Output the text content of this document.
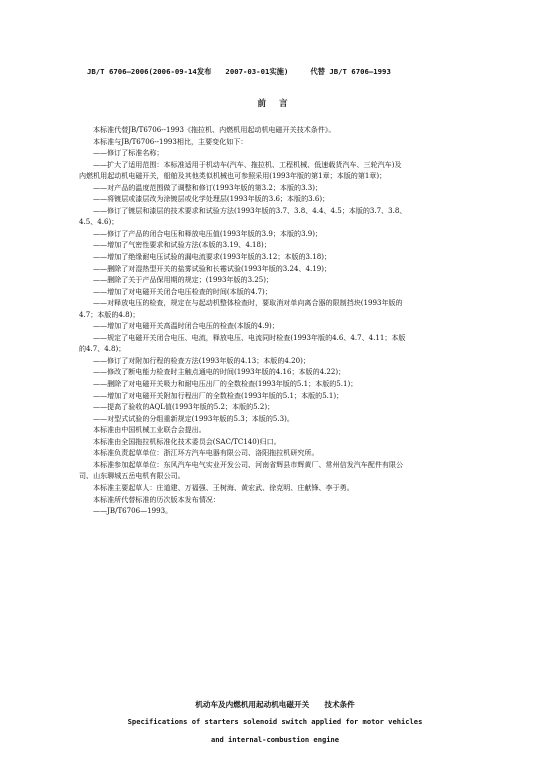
JB/T 6706—2006(2006-09-14发布 2007-03-01实施)	代替 JB/T 6706—1993
前 言
本标准代替JB/T6706--1993《拖拉机、内燃机用起动机电磁开关技术条件》。
本标准与JB/T6706--1993相比，主要变化如下：
——修订了标准名称；
——扩大了适用范围：本标准适用于机动车(汽车、拖拉机、工程机械、低速载货汽车、三轮汽车)及
内燃机用起动机电磁开关，船舶及其他类似机械也可参照采用(1993年版的第1章；本版的第1章)；
——对产品的温度范围做了调整和修订(1993年版的第3.2；本版的3.3)；
——将镀层或漆层改为涂镀层或化学处理层(1993年版的3.6；本版的3.6)；
——修订了镀层和漆层的技术要求和试验方法(1993年版的3.7、3.8、4.4、4.5；本版的3.7、3.8、
4.5、4.6)；
——修订了产品的闭合电压和释放电压值(1993年版的3.9；本版的3.9)；
——增加了气密性要求和试验方法(本版的3.19、4.18)；
——增加了绝缘耐电压试验的漏电流要求(1993年版的3.12；本版的3.18)；
——删除了对湿热型开关的盐雾试验和长霉试验(1993年版的3.24、4.19)；
——删除了关于产品保用期的规定；(1993年版的3.25)；
——增加了对电磁开关闭合电压检查的时间(本版的4.7)；
——对释放电压的检查，规定在与起动机整体检查时，要取消对单向离合器的限制挡块(1993年版的
4.7；本版的4.8)；
——增加了对电磁开关高温时闭合电压的检查(本版的4.9)；
——规定了电磁开关闭合电压、电流，释放电压、电流同时检查(1993年版的4.6、4.7、4.11；本版
的4.7、4.8)；
——修订了对附加行程的检查方法(1993年版的4.13；本版的4.20)；
——修改了断电能力检查时主触点通电的时间(1993年版的4.16；本版的4.22)；
——删除了对电磁开关吸力和耐电压出厂的全数检查(1993年版的5.1；本版的5.1)；
——增加了对电磁开关附加行程出厂的全数检查(1993年版的5.1；本版的5.1)；
——提高了验收的AQL值(1993年版的5.2；本版的5.2)；
——对型式试验的分组重新规定(1993年版的5.3；本版的5.3)。
本标准由中国机械工业联合会提出。
本标准由全国拖拉机标准化技术委员会(SAC/TC140)归口。
本标准负责起草单位：浙江环方汽车电器有限公司、洛阳拖拉机研究所。
本标准参加起草单位：东风汽车电气实业开发公司、河南省辉县市辉黄厂、常州信发汽车配件有限公
司、山东聊城五岳电机有限公司。
本标准主要起草人：庄道建、万福强、王树海、黄宏武、徐克明、庄献锋、李于勇。
本标准所代替标准的历次版本发布情况：
——JB/T6706—1993。
机动车及内燃机用起动机电磁开关　　技术条件
Specifications of starters solenoid switch applied for motor vehicles
and internal-combustion engine
